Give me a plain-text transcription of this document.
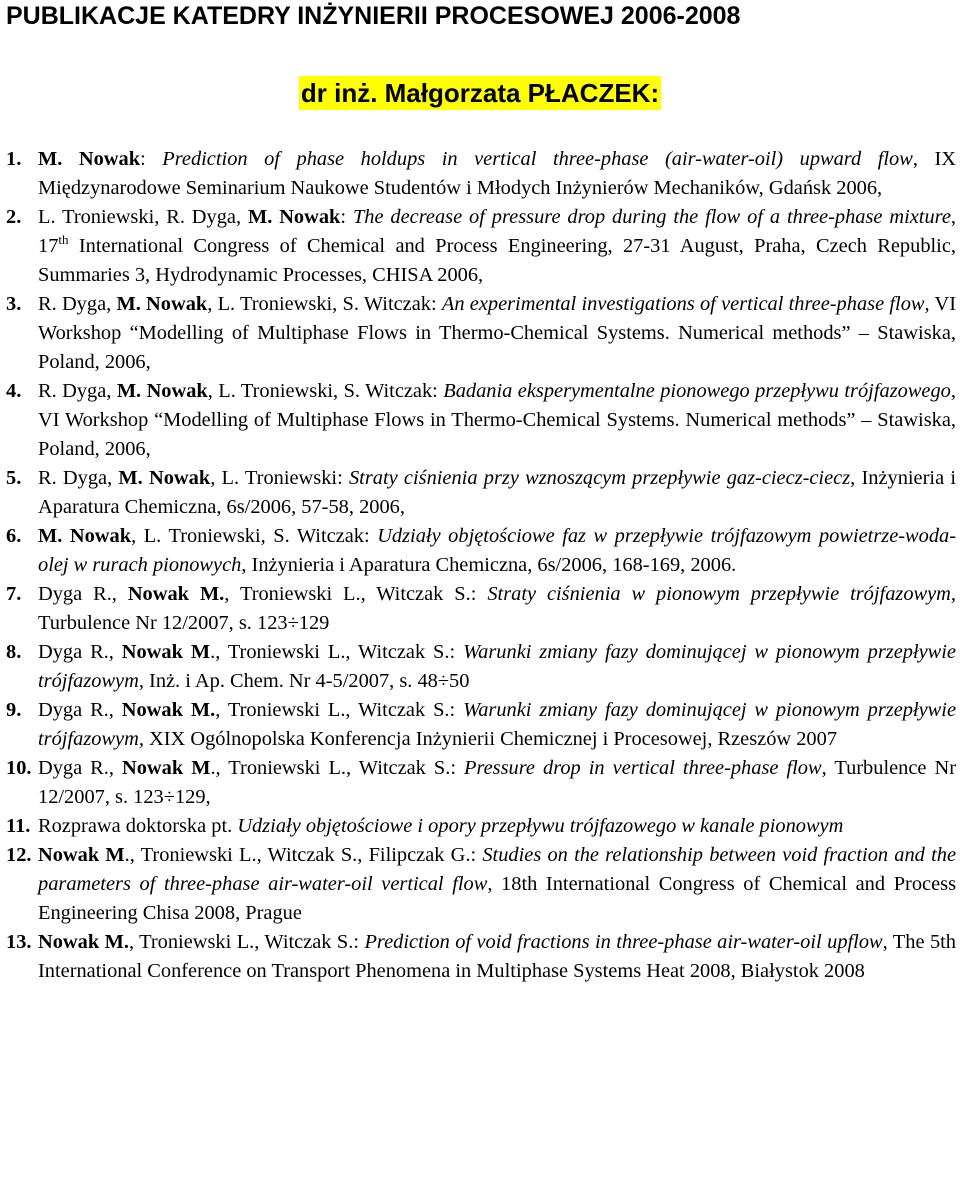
PUBLIKACJE KATEDRY INŻYNIERII PROCESOWEJ 2006-2008
dr inż. Małgorzata PŁACZEK:
1. M. Nowak: Prediction of phase holdups in vertical three-phase (air-water-oil) upward flow, IX Międzynarodowe Seminarium Naukowe Studentów i Młodych Inżynierów Mechaników, Gdańsk 2006,
2. L. Troniewski, R. Dyga, M. Nowak: The decrease of pressure drop during the flow of a three-phase mixture, 17th International Congress of Chemical and Process Engineering, 27-31 August, Praha, Czech Republic, Summaries 3, Hydrodynamic Processes, CHISA 2006,
3. R. Dyga, M. Nowak, L. Troniewski, S. Witczak: An experimental investigations of vertical three-phase flow, VI Workshop “Modelling of Multiphase Flows in Thermo-Chemical Systems. Numerical methods” – Stawiska, Poland, 2006,
4. R. Dyga, M. Nowak, L. Troniewski, S. Witczak: Badania eksperymentalne pionowego przepływu trójfazowego, VI Workshop “Modelling of Multiphase Flows in Thermo-Chemical Systems. Numerical methods” – Stawiska, Poland, 2006,
5. R. Dyga, M. Nowak, L. Troniewski: Straty ciśnienia przy wznoszącym przepływie gaz-ciecz-ciecz, Inżynieria i Aparatura Chemiczna, 6s/2006, 57-58, 2006,
6. M. Nowak, L. Troniewski, S. Witczak: Udziały objętościowe faz w przepływie trójfazowym powietrze-woda-olej w rurach pionowych, Inżynieria i Aparatura Chemiczna, 6s/2006, 168-169, 2006.
7. Dyga R., Nowak M., Troniewski L., Witczak S.: Straty ciśnienia w pionowym przepływie trójfazowym, Turbulence Nr 12/2007, s. 123÷129
8. Dyga R., Nowak M., Troniewski L., Witczak S.: Warunki zmiany fazy dominującej w pionowym przepływie trójfazowym, Inż. i Ap. Chem. Nr 4-5/2007, s. 48÷50
9. Dyga R., Nowak M., Troniewski L., Witczak S.: Warunki zmiany fazy dominującej w pionowym przepływie trójfazowym, XIX Ogólnopolska Konferencja Inżynierii Chemicznej i Procesowej, Rzeszów 2007
10. Dyga R., Nowak M., Troniewski L., Witczak S.: Pressure drop in vertical three-phase flow, Turbulence Nr 12/2007, s. 123÷129,
11. Rozprawa doktorska pt. Udziały objętościowe i opory przepływu trójfazowego w kanale pionowym
12. Nowak M., Troniewski L., Witczak S., Filipczak G.: Studies on the relationship between void fraction and the parameters of three-phase air-water-oil vertical flow, 18th International Congress of Chemical and Process Engineering Chisa 2008, Prague
13. Nowak M., Troniewski L., Witczak S.: Prediction of void fractions in three-phase air-water-oil upflow, The 5th International Conference on Transport Phenomena in Multiphase Systems Heat 2008, Białystok 2008
